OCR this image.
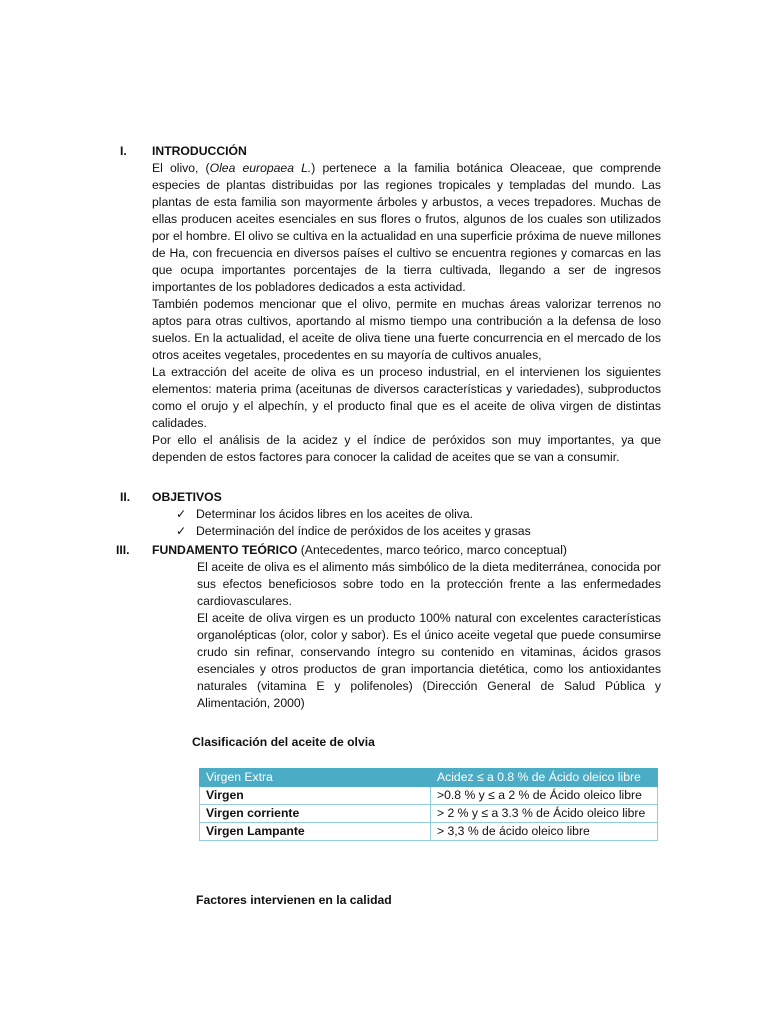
I. INTRODUCCIÓN

El olivo, (Olea europaea L.) pertenece a la familia botánica Oleaceae, que comprende especies de plantas distribuidas por las regiones tropicales y templadas del mundo. Las plantas de esta familia son mayormente árboles y arbustos, a veces trepadores. Muchas de ellas producen aceites esenciales en sus flores o frutos, algunos de los cuales son utilizados por el hombre. El olivo se cultiva en la actualidad en una superficie próxima de nueve millones de Ha, con frecuencia en diversos países el cultivo se encuentra regiones y comarcas en las que ocupa importantes porcentajes de la tierra cultivada, llegando a ser de ingresos importantes de los pobladores dedicados a esta actividad.

También podemos mencionar que el olivo, permite en muchas áreas valorizar terrenos no aptos para otras cultivos, aportando al mismo tiempo una contribución a la defensa de loso suelos. En la actualidad, el aceite de oliva tiene una fuerte concurrencia en el mercado de los otros aceites vegetales, procedentes en su mayoría de cultivos anuales,

La extracción del aceite de oliva es un proceso industrial, en el intervienen los siguientes elementos: materia prima (aceitunas de diversos características y variedades), subproductos como el orujo y el alpechín, y el producto final que es el aceite de oliva virgen de distintas calidades.

Por ello el análisis de la acidez y el índice de peróxidos son muy importantes, ya que dependen de estos factores para conocer la calidad de aceites que se van a consumir.

II. OBJETIVOS
✓ Determinar los ácidos libres en los aceites de oliva.
✓ Determinación del índice de peróxidos de los aceites y grasas
III. FUNDAMENTO TEÓRICO (Antecedentes, marco teórico, marco conceptual)

El aceite de oliva es el alimento más simbólico de la dieta mediterránea, conocida por sus efectos beneficiosos sobre todo en la protección frente a las enfermedades cardiovasculares.

El aceite de oliva virgen es un producto 100% natural con excelentes características organolépticas (olor, color y sabor). Es el único aceite vegetal que puede consumirse crudo sin refinar, conservando íntegro su contenido en vitaminas, ácidos grasos esenciales y otros productos de gran importancia dietética, como los antioxidantes naturales (vitamina E y polifenoles) (Dirección General de Salud Pública y Alimentación, 2000)

Clasificación del aceite de olvia
Virgen Extra	Acidez ≤ a 0.8 % de Ácido oleico libre
Virgen	>0.8 % y ≤ a 2 % de Ácido oleico libre
Virgen corriente	> 2 % y ≤ a 3.3 % de Ácido oleico libre
Virgen Lampante	> 3,3 % de ácido oleico libre
Factores intervienen en la calidad
